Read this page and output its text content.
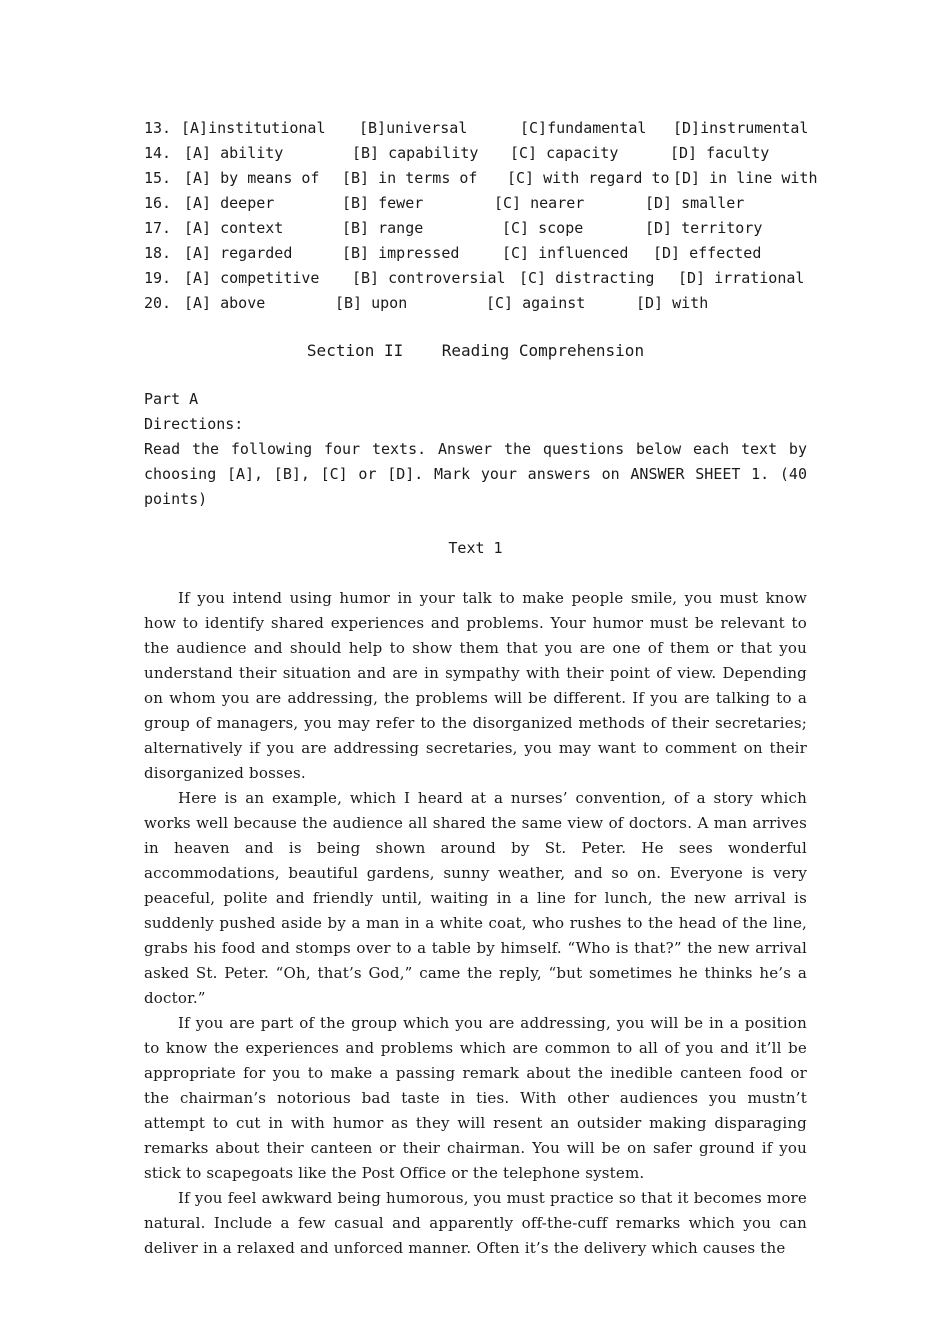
13. [A]institutional [B]universal	[C]fundamental [D]instrumental
14. [A] ability	[B] capability [C] capacity	[D] faculty
15. [A] by means of [B] in terms of [C] with regard to [D] in line with
16. [A] deeper	[B] fewer	[C] nearer	[D] smaller
17. [A] context	[B] range	[C] scope	[D] territory
18. [A] regarded	[B] impressed	[C] influenced [D] effected
19. [A] competitive [B] controversial [C] distracting [D] irrational
20. [A] above	[B] upon	[C] against	[D] with
Section II    Reading Comprehension
Part A
Directions:
Read the following four texts. Answer the questions below each text by choosing [A], [B], [C] or [D]. Mark your answers on ANSWER SHEET 1. (40 points)
Text 1

If you intend using humor in your talk to make people smile, you must know how to identify shared experiences and problems. Your humor must be relevant to the audience and should help to show them that you are one of them or that you understand their situation and are in sympathy with their point of view. Depending on whom you are addressing, the problems will be different. If you are talking to a group of managers, you may refer to the disorganized methods of their secretaries; alternatively if you are addressing secretaries, you may want to comment on their disorganized bosses.

Here is an example, which I heard at a nurses’ convention, of a story which works well because the audience all shared the same view of doctors. A man arrives in heaven and is being shown around by St. Peter. He sees wonderful accommodations, beautiful gardens, sunny weather, and so on. Everyone is very peaceful, polite and friendly until, waiting in a line for lunch, the new arrival is suddenly pushed aside by a man in a white coat, who rushes to the head of the line, grabs his food and stomps over to a table by himself. “Who is that?” the new arrival asked St. Peter. “Oh, that’s God,” came the reply, “but sometimes he thinks he’s a doctor.”

If you are part of the group which you are addressing, you will be in a position to know the experiences and problems which are common to all of you and it’ll be appropriate for you to make a passing remark about the inedible canteen food or the chairman’s notorious bad taste in ties. With other audiences you mustn’t attempt to cut in with humor as they will resent an outsider making disparaging remarks about their canteen or their chairman. You will be on safer ground if you stick to scapegoats like the Post Office or the telephone system.

If you feel awkward being humorous, you must practice so that it becomes more natural. Include a few casual and apparently off-the-cuff remarks which you can deliver in a relaxed and unforced manner. Often it’s the delivery which causes the
